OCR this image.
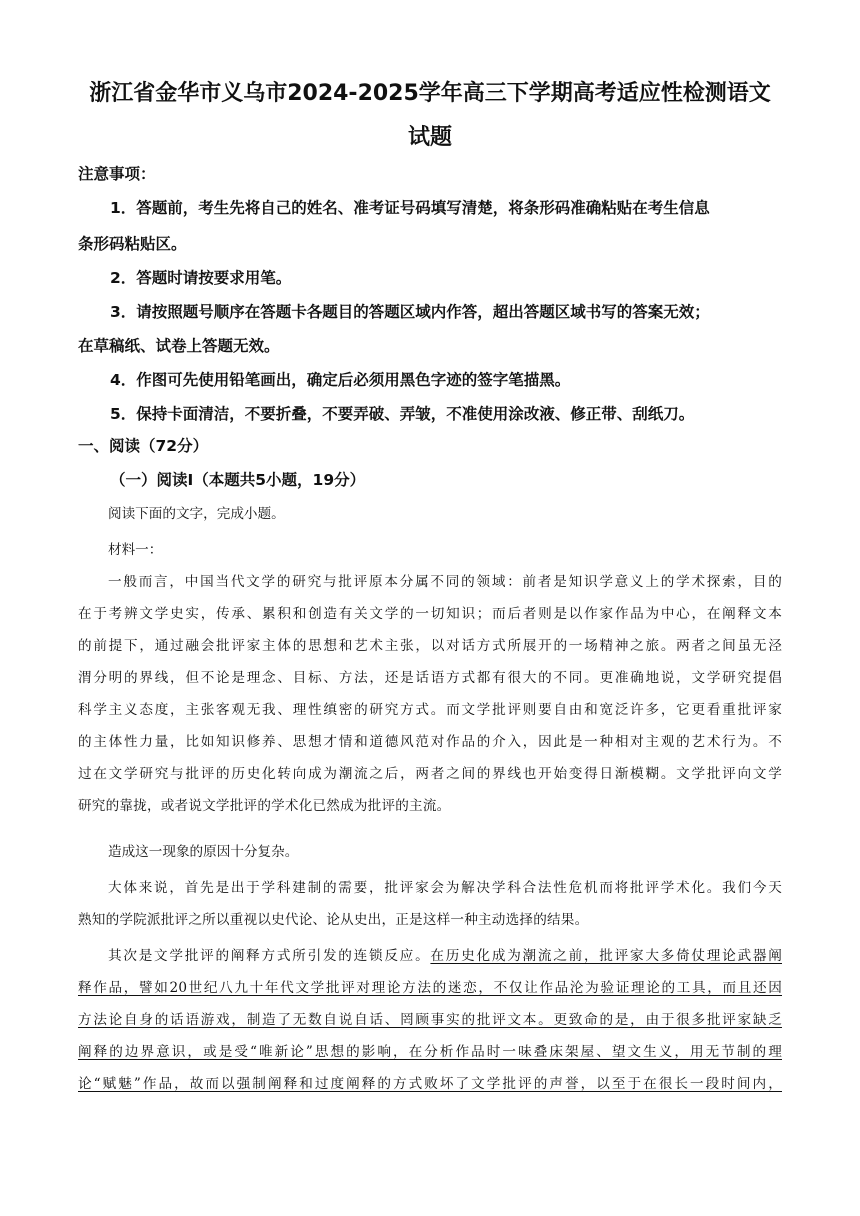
浙江省金华市义乌市2024-2025学年高三下学期高考适应性检测语文
试题
注意事项：
1．答题前，考生先将自己的姓名、准考证号码填写清楚，将条形码准确粘贴在考生信息
条形码粘贴区。
2．答题时请按要求用笔。
3．请按照题号顺序在答题卡各题目的答题区域内作答，超出答题区域书写的答案无效；
在草稿纸、试卷上答题无效。
4．作图可先使用铅笔画出，确定后必须用黑色字迹的签字笔描黑。
5．保持卡面清洁，不要折叠，不要弄破、弄皱，不准使用涂改液、修正带、刮纸刀。
一、阅读（72分）
（一）阅读Ⅰ（本题共5小题，19分）
阅读下面的文字，完成小题。
材料一：
一般而言，中国当代文学的研究与批评原本分属不同的领域：前者是知识学意义上的学术探索，目的
在于考辨文学史实，传承、累积和创造有关文学的一切知识；而后者则是以作家作品为中心，在阐释文本
的前提下，通过融会批评家主体的思想和艺术主张，以对话方式所展开的一场精神之旅。两者之间虽无泾
渭分明的界线，但不论是理念、目标、方法，还是话语方式都有很大的不同。更准确地说，文学研究提倡
科学主义态度，主张客观无我、理性缜密的研究方式。而文学批评则要自由和宽泛许多，它更看重批评家
的主体性力量，比如知识修养、思想才情和道德风范对作品的介入，因此是一种相对主观的艺术行为。不
过在文学研究与批评的历史化转向成为潮流之后，两者之间的界线也开始变得日渐模糊。文学批评向文学
研究的靠拢，或者说文学批评的学术化已然成为批评的主流。
造成这一现象的原因十分复杂。
大体来说，首先是出于学科建制的需要，批评家会为解决学科合法性危机而将批评学术化。我们今天
熟知的学院派批评之所以重视以史代论、论从史出，正是这样一种主动选择的结果。
其次是文学批评的阐释方式所引发的连锁反应。在历史化成为潮流之前，批评家大多倚仗理论武器阐
释作品，譬如20世纪八九十年代文学批评对理论方法的迷恋，不仅让作品沦为验证理论的工具，而且还因
方法论自身的话语游戏，制造了无数自说自话、罔顾事实的批评文本。更致命的是，由于很多批评家缺乏
阐释的边界意识，或是受“唯新论”思想的影响，在分析作品时一味叠床架屋、望文生义，用无节制的理
论“赋魅”作品，故而以强制阐释和过度阐释的方式败坏了文学批评的声誉，以至于在很长一段时间内，
